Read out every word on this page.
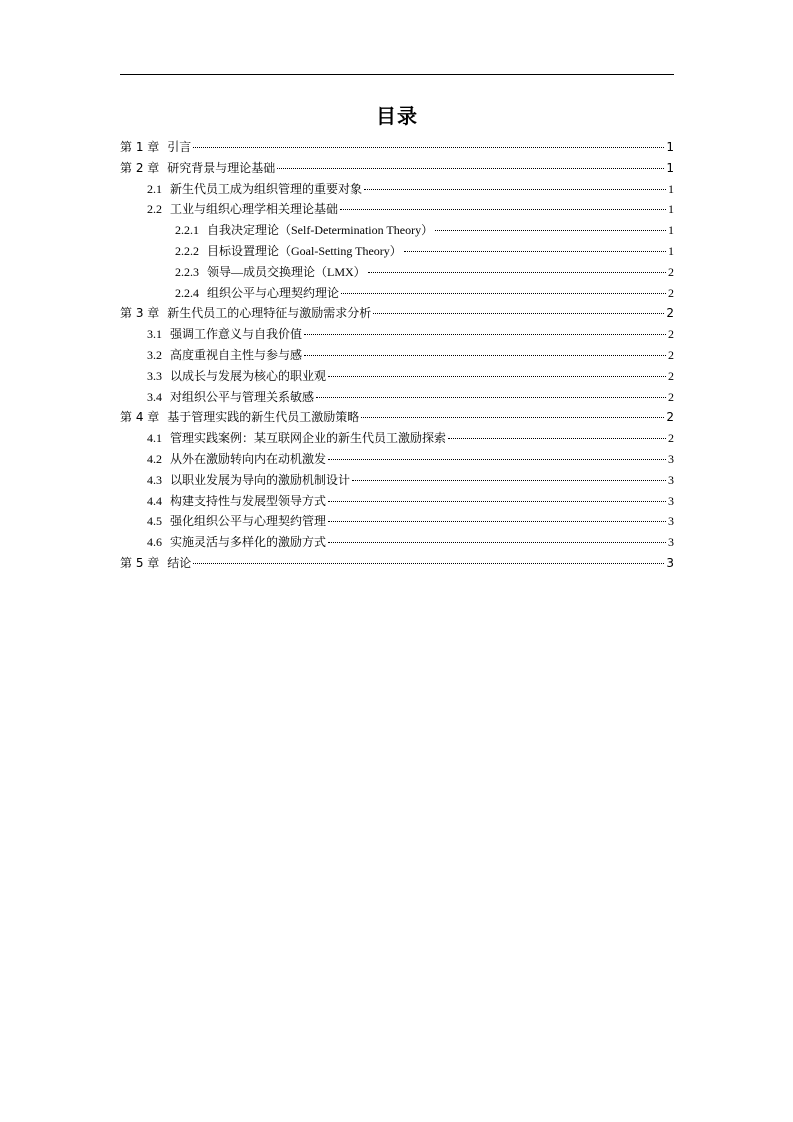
目录
第 1 章 引言	1
第 2 章 研究背景与理论基础	1
2.1 新生代员工成为组织管理的重要对象	1
2.2 工业与组织心理学相关理论基础	1
2.2.1 自我决定理论（Self-Determination Theory）	1
2.2.2 目标设置理论（Goal-Setting Theory）	1
2.2.3 领导—成员交换理论（LMX）	2
2.2.4 组织公平与心理契约理论	2
第 3 章 新生代员工的心理特征与激励需求分析	2
3.1 强调工作意义与自我价值	2
3.2 高度重视自主性与参与感	2
3.3 以成长与发展为核心的职业观	2
3.4 对组织公平与管理关系敏感	2
第 4 章 基于管理实践的新生代员工激励策略	2
4.1 管理实践案例：某互联网企业的新生代员工激励探索	2
4.2 从外在激励转向内在动机激发	3
4.3 以职业发展为导向的激励机制设计	3
4.4 构建支持性与发展型领导方式	3
4.5 强化组织公平与心理契约管理	3
4.6 实施灵活与多样化的激励方式	3
第 5 章 结论	3
